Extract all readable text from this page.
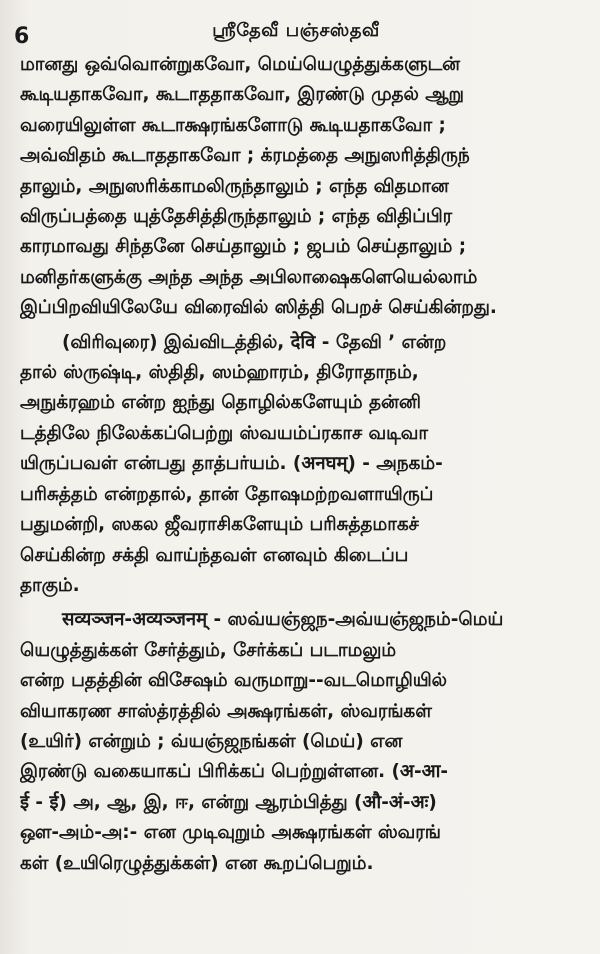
6	ஸ்ரீதேவீ பஞ்சஸ்தவீ

மானது ஒவ்வொன்றுகவோ, மெய்யெழுத்துக்களுடன்
கூடியதாகவோ, கூடாததாகவோ, இரண்டு முதல் ஆறு
வரையிலுள்ள கூடாக்ஷரங்களோடு கூடியதாகவோ ;
அவ்விதம் கூடாததாகவோ ; க்ரமத்தை அநுஸரித்திருந்
தாலும், அநுஸரிக்காமலிருந்தாலும் ; எந்த விதமான
விருப்பத்தை யுத்தேசித்திருந்தாலும் ; எந்த விதிப்பிர
காரமாவது சிந்தனே செய்தாலும் ; ஜபம் செய்தாலும் ;
மனிதர்களுக்கு அந்த அந்த அபிலாஷைகளெயெல்லாம்
இப்பிறவியிலேயே விரைவில் ஸித்தி பெறச் செய்கின்றது.

(விரிவுரை) இவ்விடத்தில், देवि - தேவி ’ என்ற
தால் ஸ்ருஷ்டி, ஸ்திதி, ஸம்ஹாரம், திரோதாநம்,
அநுக்ரஹம் என்ற ஐந்து தொழில்களேயும் தன்னி
டத்திலே நிலேக்கப்பெற்று ஸ்வயம்ப்ரகாச வடிவா
யிருப்பவள் என்பது தாத்பர்யம். (अनघम्) - அநகம்-
பரிசுத்தம் என்றதால், தான் தோஷமற்றவளாயிருப்
பதுமன்றி, ஸகல ஜீவராசிகளேயும் பரிசுத்தமாகச்
செய்கின்ற சக்தி வாய்ந்தவள் எனவும் கிடைப்ப
தாகும்.

सव्यञ्जन-अव्यञ्जनम् - ஸவ்யஞ்ஜந-அவ்யஞ்ஜநம்-மெய்
யெழுத்துக்கள் சேர்த்தும், சேர்க்கப் படாமலும்
என்ற பதத்தின் விசேஷம் வருமாறு--வடமொழியில்
வியாகரண சாஸ்த்ரத்தில் அக்ஷரங்கள், ஸ்வரங்கள்
(உயிர்) என்றும் ; வ்யஞ்ஜநங்கள் (மெய்) என
இரண்டு வகையாகப் பிரிக்கப் பெற்றுள்ளன. (अ-आ-
ई - ई) அ, ஆ, இ, ஈ, என்று ஆரம்பித்து (औ-अं-अः)
ஔ-அம்-அ:- என முடிவுறும் அக்ஷரங்கள் ஸ்வரங்
கள் (உயிரெழுத்துக்கள்) என கூறப்பெறும்.
